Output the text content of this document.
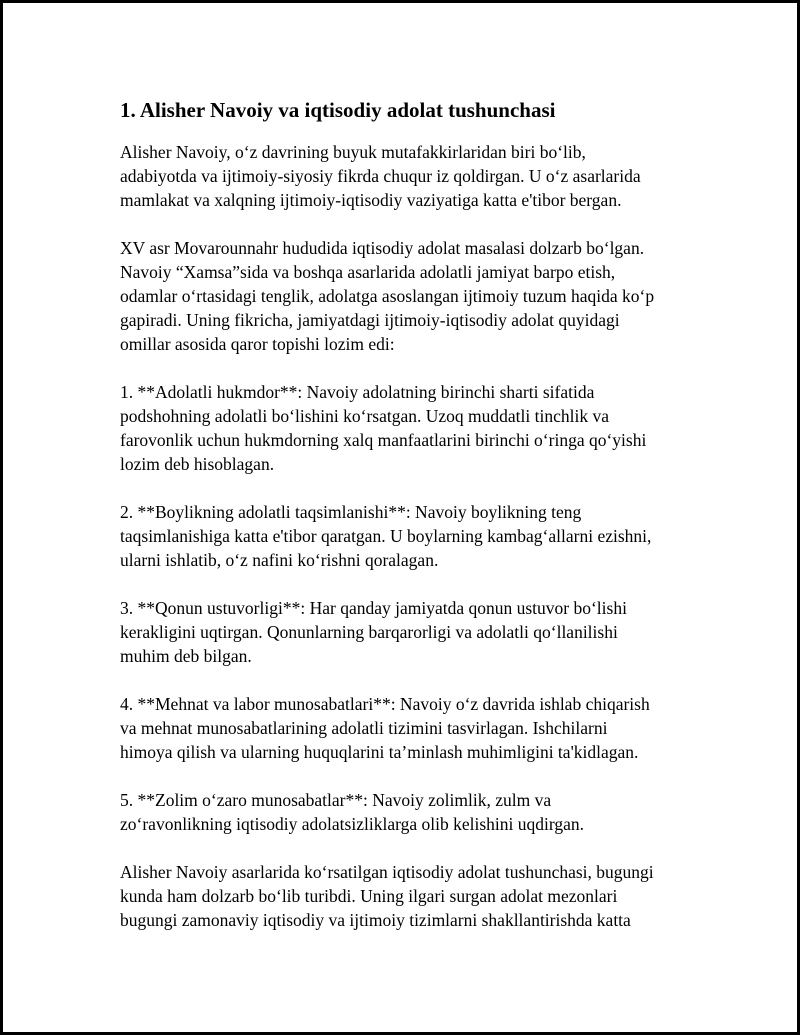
1. Alisher Navoiy va iqtisodiy adolat tushunchasi

Alisher Navoiy, oʻz davrining buyuk mutafakkirlaridan biri boʻlib,
adabiyotda va ijtimoiy-siyosiy fikrda chuqur iz qoldirgan. U oʻz asarlarida
mamlakat va xalqning ijtimoiy-iqtisodiy vaziyatiga katta e'tibor bergan.

XV asr Movarounnahr hududida iqtisodiy adolat masalasi dolzarb boʻlgan.
Navoiy “Xamsa”sida va boshqa asarlarida adolatli jamiyat barpo etish,
odamlar oʻrtasidagi tenglik, adolatga asoslangan ijtimoiy tuzum haqida koʻp
gapiradi. Uning fikricha, jamiyatdagi ijtimoiy-iqtisodiy adolat quyidagi
omillar asosida qaror topishi lozim edi:

1. **Adolatli hukmdor**: Navoiy adolatning birinchi sharti sifatida
podshohning adolatli boʻlishini koʻrsatgan. Uzoq muddatli tinchlik va
farovonlik uchun hukmdorning xalq manfaatlarini birinchi oʻringa qoʻyishi
lozim deb hisoblagan.

2. **Boylikning adolatli taqsimlanishi**: Navoiy boylikning teng
taqsimlanishiga katta e'tibor qaratgan. U boylarning kambagʻallarni ezishni,
ularni ishlatib, oʻz nafini koʻrishni qoralagan.

3. **Qonun ustuvorligi**: Har qanday jamiyatda qonun ustuvor boʻlishi
kerakligini uqtirgan. Qonunlarning barqarorligi va adolatli qoʻllanilishi
muhim deb bilgan.

4. **Mehnat va labor munosabatlari**: Navoiy oʻz davrida ishlab chiqarish
va mehnat munosabatlarining adolatli tizimini tasvirlagan. Ishchilarni
himoya qilish va ularning huquqlarini taʼminlash muhimligini ta'kidlagan.

5. **Zolim oʻzaro munosabatlar**: Navoiy zolimlik, zulm va
zoʻravonlikning iqtisodiy adolatsizliklarga olib kelishini uqdirgan.

Alisher Navoiy asarlarida koʻrsatilgan iqtisodiy adolat tushunchasi, bugungi
kunda ham dolzarb boʻlib turibdi. Uning ilgari surgan adolat mezonlari
bugungi zamonaviy iqtisodiy va ijtimoiy tizimlarni shakllantirishda katta
